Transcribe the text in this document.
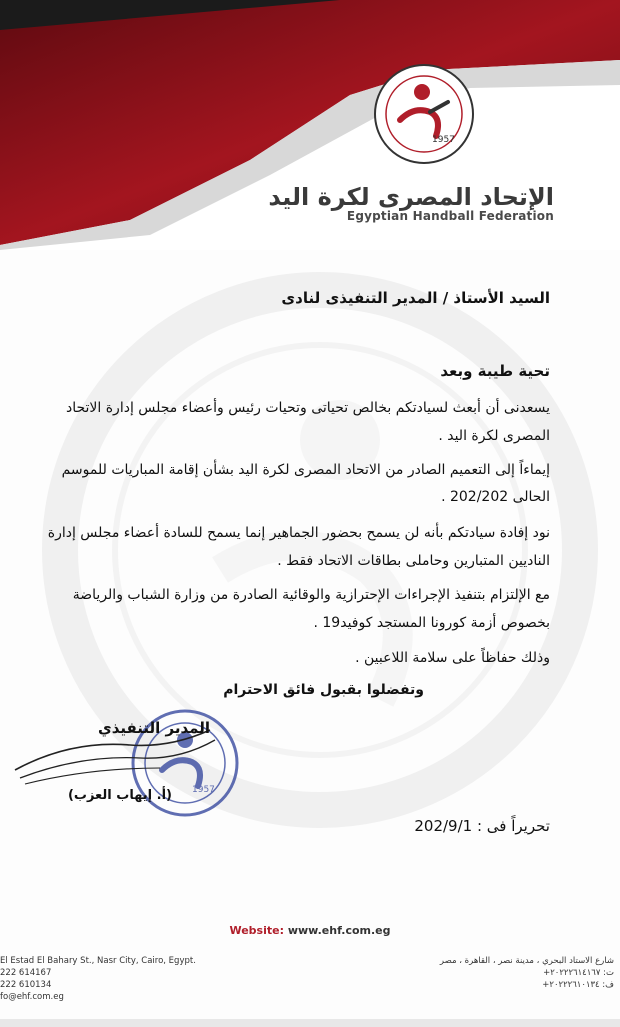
1957
الإتحاد المصرى لكرة اليد
Egyptian Handball Federation
السيد الأستاذ / المدير التنفيذى لنادى
تحية طيبة وبعد
يسعدنى أن أبعث لسيادتكم بخالص تحياتى وتحيات رئيس وأعضاء مجلس إدارة الاتحاد
المصرى لكرة اليد .
إيماءاً إلى التعميم الصادر من الاتحاد المصرى لكرة اليد بشأن إقامة المباريات للموسم
الحالى 202/202 .
نود إفادة سيادتكم بأنه لن يسمح بحضور الجماهير إنما يسمح للسادة أعضاء مجلس إدارة
الناديين المتبارين وحاملى بطاقات الاتحاد فقط .
مع الإلتزام بتنفيذ الإجراءات الإحترازية والوقائية الصادرة من وزارة الشباب والرياضة
بخصوص أزمة كورونا المستجد كوفيد19 .
وذلك حفاظاً على سلامة اللاعبين .
وتفضلوا بقبول فائق الاحترام
1957
المدير التنفيذي
(أ. إيهاب العزب)
تحريراً فى : 202/9/1
Website: www.ehf.com.eg
El Estad El Bahary St., Nasr City, Cairo, Egypt.
222 614167
222 610134
fo@ehf.com.eg
شارع الاستاد البحري ، مدينة نصر ، القاهرة ، مصر
ت: ٢٠٢٢٢٦١٤١٦٧+
ف: ٢٠٢٢٢٦١٠١٣٤+
